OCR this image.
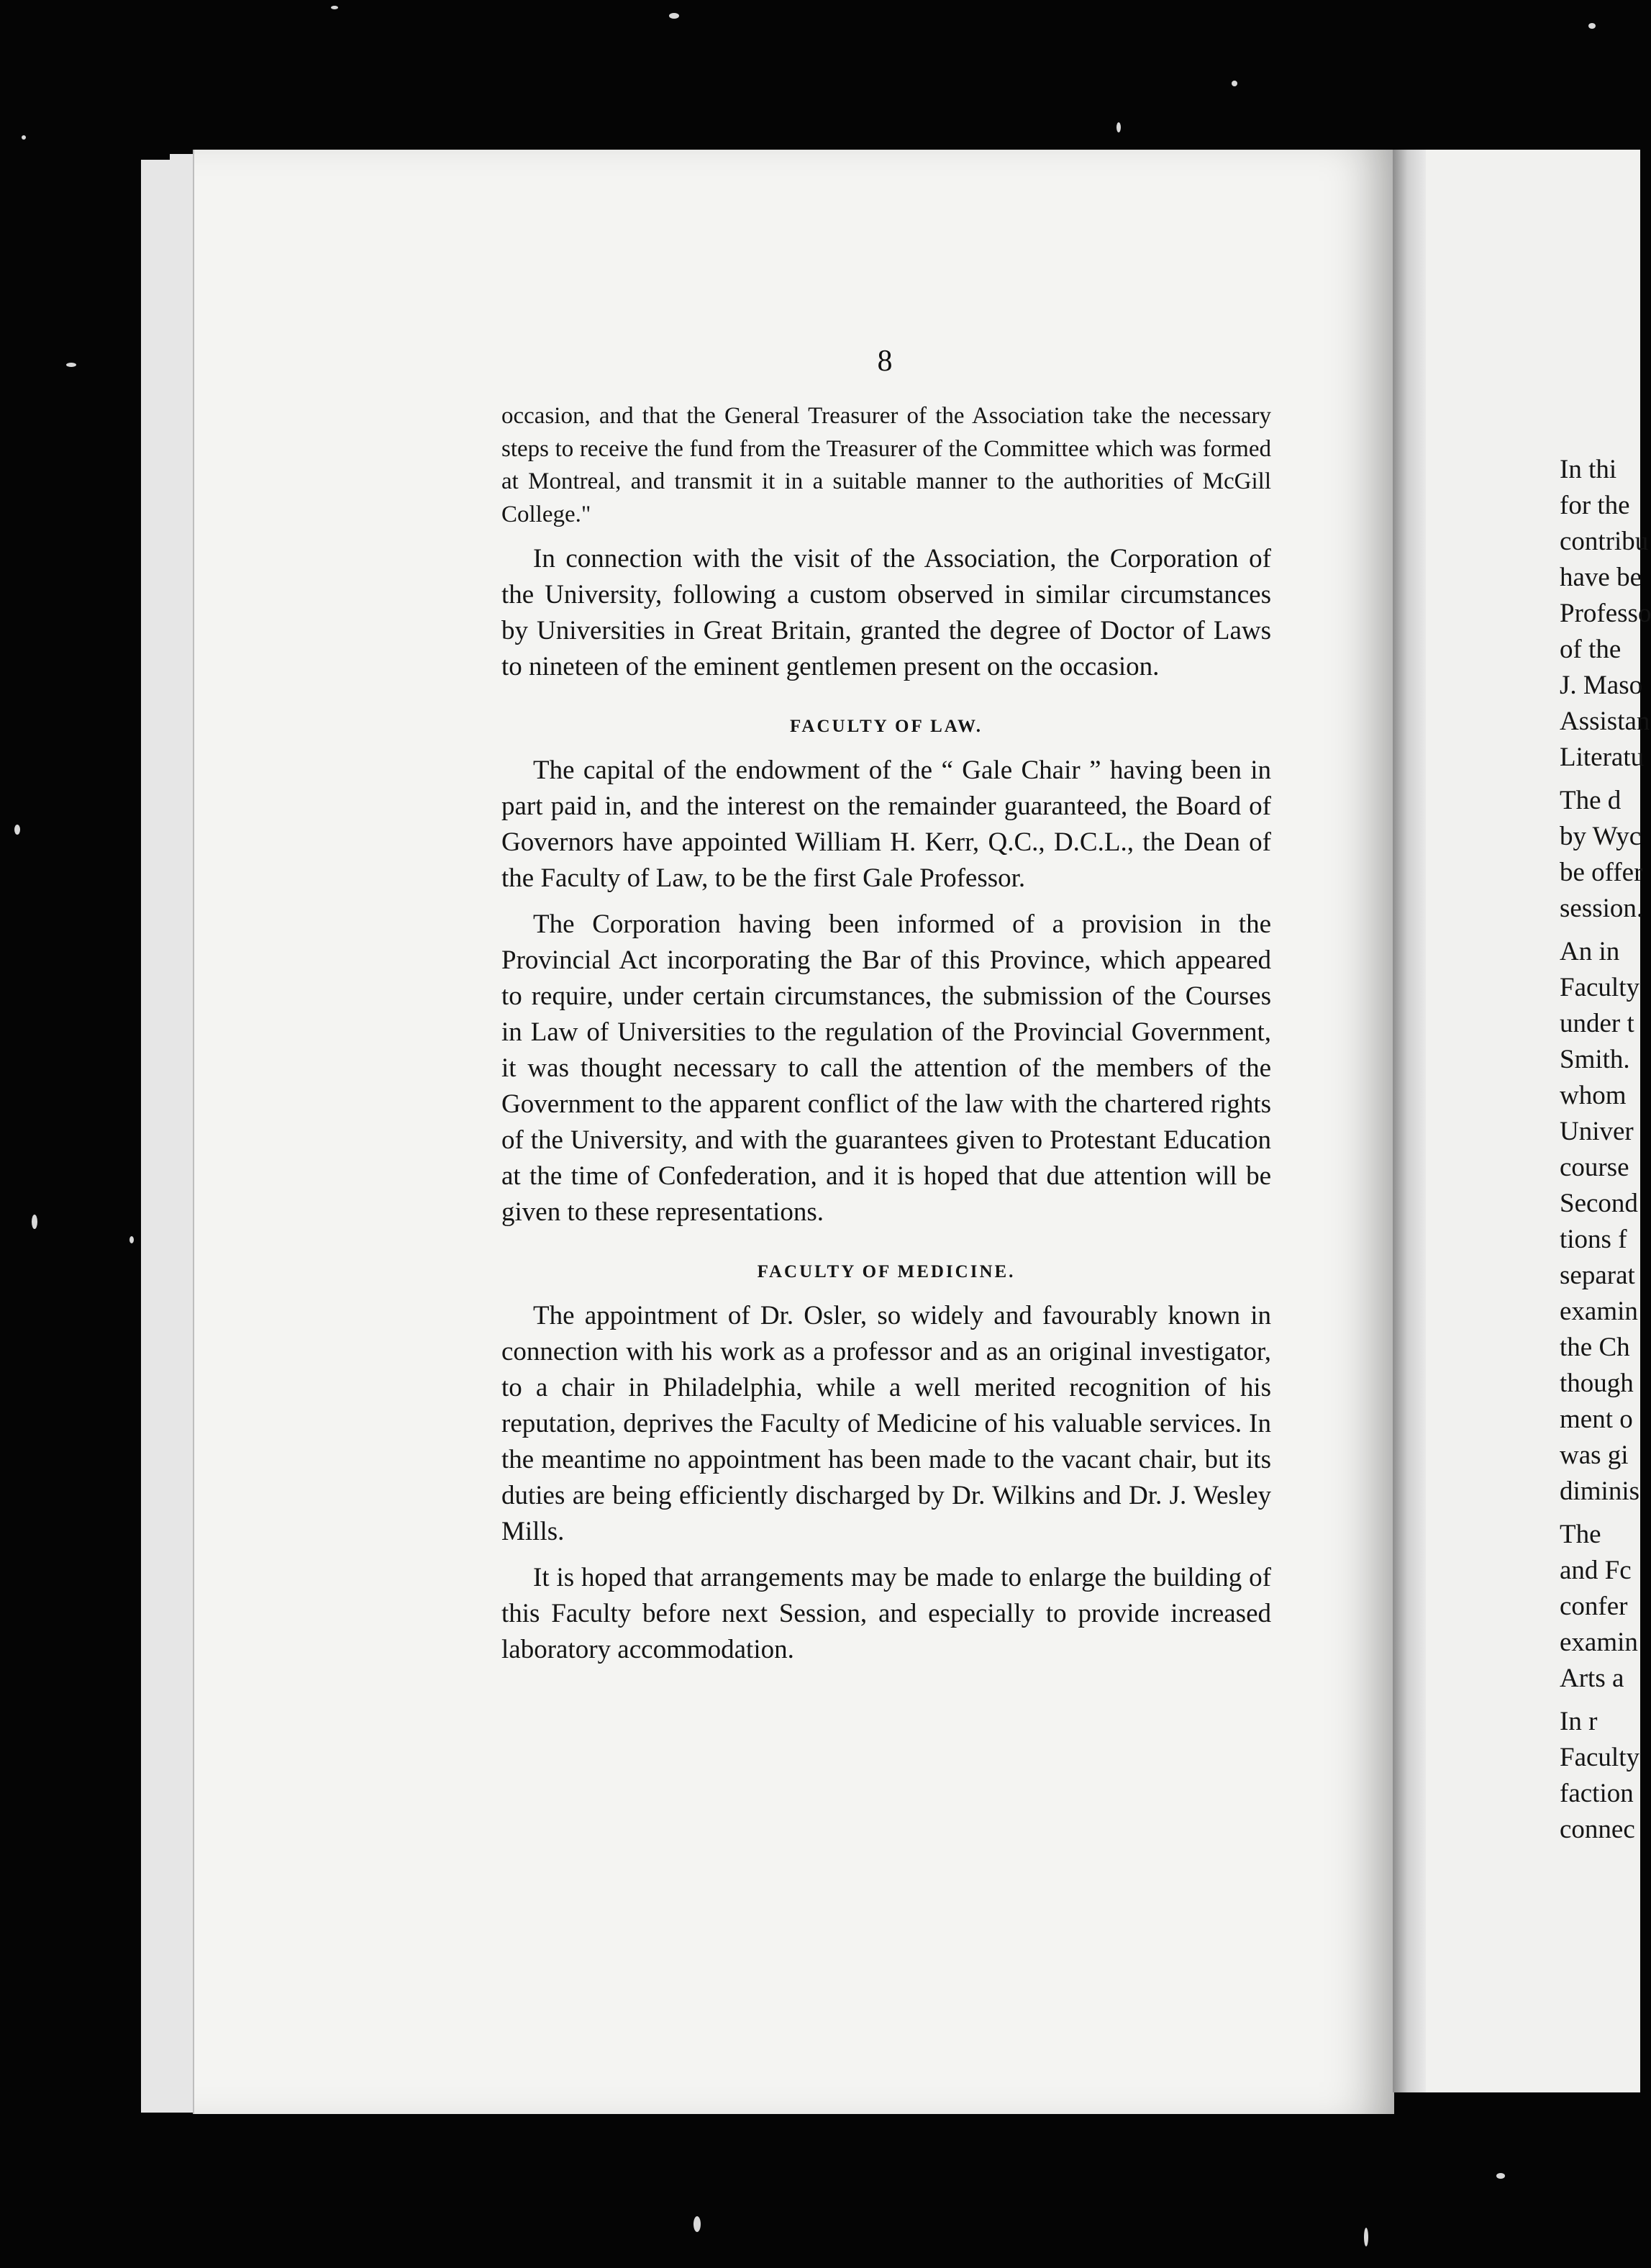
8

occasion, and that the General Treasurer of the Association take the necessary steps to receive the fund from the Treasurer of the Committee which was formed at Montreal, and transmit it in a suitable manner to the authorities of McGill College."

In connection with the visit of the Association, the Corporation of the University, following a custom observed in similar circumstances by Universities in Great Britain, granted the degree of Doctor of Laws to nineteen of the eminent gentlemen present on the occasion.

FACULTY OF LAW.

The capital of the endowment of the “ Gale Chair ” having been in part paid in, and the interest on the remainder guaranteed, the Board of Governors have appointed William H. Kerr, Q.C., D.C.L., the Dean of the Faculty of Law, to be the first Gale Professor.

The Corporation having been informed of a provision in the Provincial Act incorporating the Bar of this Province, which appeared to require, under certain circumstances, the submission of the Courses in Law of Universities to the regulation of the Provincial Government, it was thought necessary to call the attention of the members of the Government to the apparent conflict of the law with the chartered rights of the University, and with the guarantees given to Protestant Education at the time of Confederation, and it is hoped that due attention will be given to these representations.

FACULTY OF MEDICINE.

The appointment of Dr. Osler, so widely and favourably known in connection with his work as a professor and as an original investigator, to a chair in Philadelphia, while a well merited recognition of his reputation, deprives the Faculty of Medicine of his valuable services. In the meantime no appointment has been made to the vacant chair, but its duties are being efficiently discharged by Dr. Wilkins and Dr. J. Wesley Mills.

It is hoped that arrangements may be made to enlarge the building of this Faculty before next Session, and especially to provide increased laboratory accommodation.

In thi
for the
contribu
have be
Professo
of the
J. Maso
Assistan
Literatu
The d
by Wyc
be offer
session.
An in
Faculty
under t
Smith.
whom
Univer
course
Second
tions f
separat
examin
the Ch
though
ment o
was gi
diminis
The
and Fc
confer
examin
Arts a
In r
Faculty
faction
connec
